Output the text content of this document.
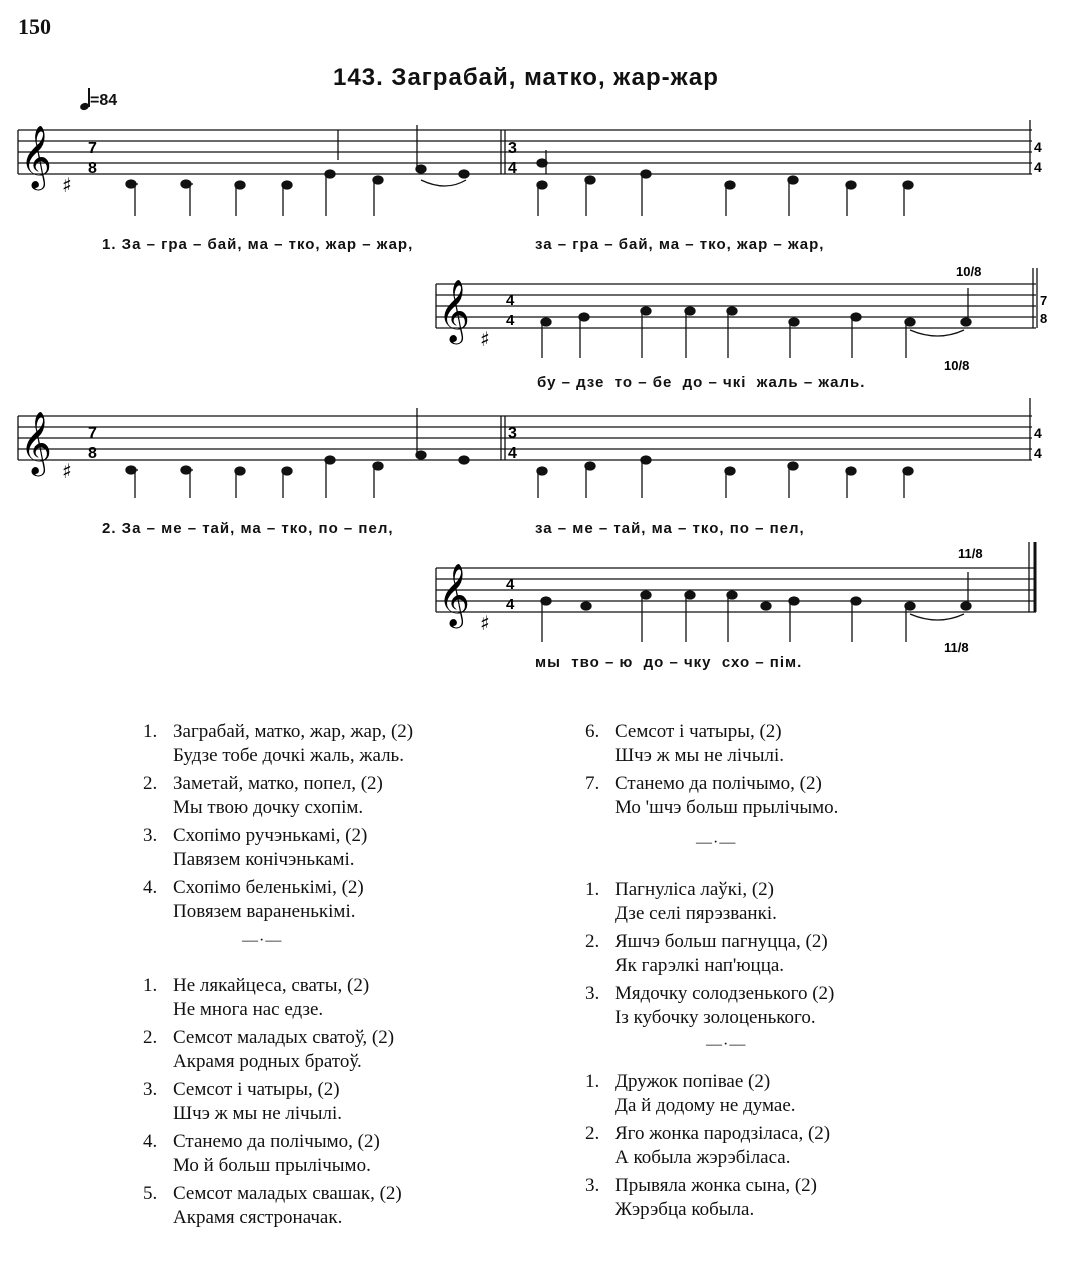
150
143. Заграбай, матко, жар-жар
=84
𝄞 ♯
7
8
3
4
4
4
1. За – гра – бай, ма – тко, жар – жар,	за – гра – бай, ма – тко, жар – жар,
𝄞 ♯
4
4
10/8
10/8
7
8
бу – дзе  то – бе  до – чкі  жаль – жаль.
𝄞 ♯
7
8
3
4
4
4
2. За – ме – тай, ма – тко, по – пел,	за – ме – тай, ма – тко, по – пел,
𝄞 ♯
4
4
11/8
11/8
мы  тво – ю  до – чку  схо – пім.
1. Заграбай, матко, жар, жар, (2)
Будзе тобе дочкі жаль, жаль.
2. Заметай, матко, попел, (2)
Мы твою дочку схопім.
3. Схопімо ручэнькамі, (2)
Павязем конічэнькамі.
4. Схопімо беленькімі, (2)
Повязем вараненькімі.
—·—
1. Не лякайцеса, сваты, (2)
Не многа нас едзе.
2. Семсот маладых сватоў, (2)
Акрамя родных братоў.
3. Семсот і чатыры, (2)
Шчэ ж мы не лічылі.
4. Станемо да полічымо, (2)
Мо й больш прылічымо.
5. Семсот маладых свашак, (2)
Акрамя сястроначак.
6. Семсот і чатыры, (2)
Шчэ ж мы не лічылі.
7. Станемо да полічымо, (2)
Мо 'шчэ больш прылічымо.
—·—
1. Пагнуліса лаўкі, (2)
Дзе селі пярэзванкі.
2. Яшчэ больш пагнуцца, (2)
Як гарэлкі нап'юцца.
3. Мядочку солодзенького (2)
Із кубочку золоценького.
—·—
1. Дружок попівае (2)
Да й додому не думае.
2. Яго жонка пародзіласа, (2)
А кобыла жэрэбіласа.
3. Прывяла жонка сына, (2)
Жэрэбца кобыла.
